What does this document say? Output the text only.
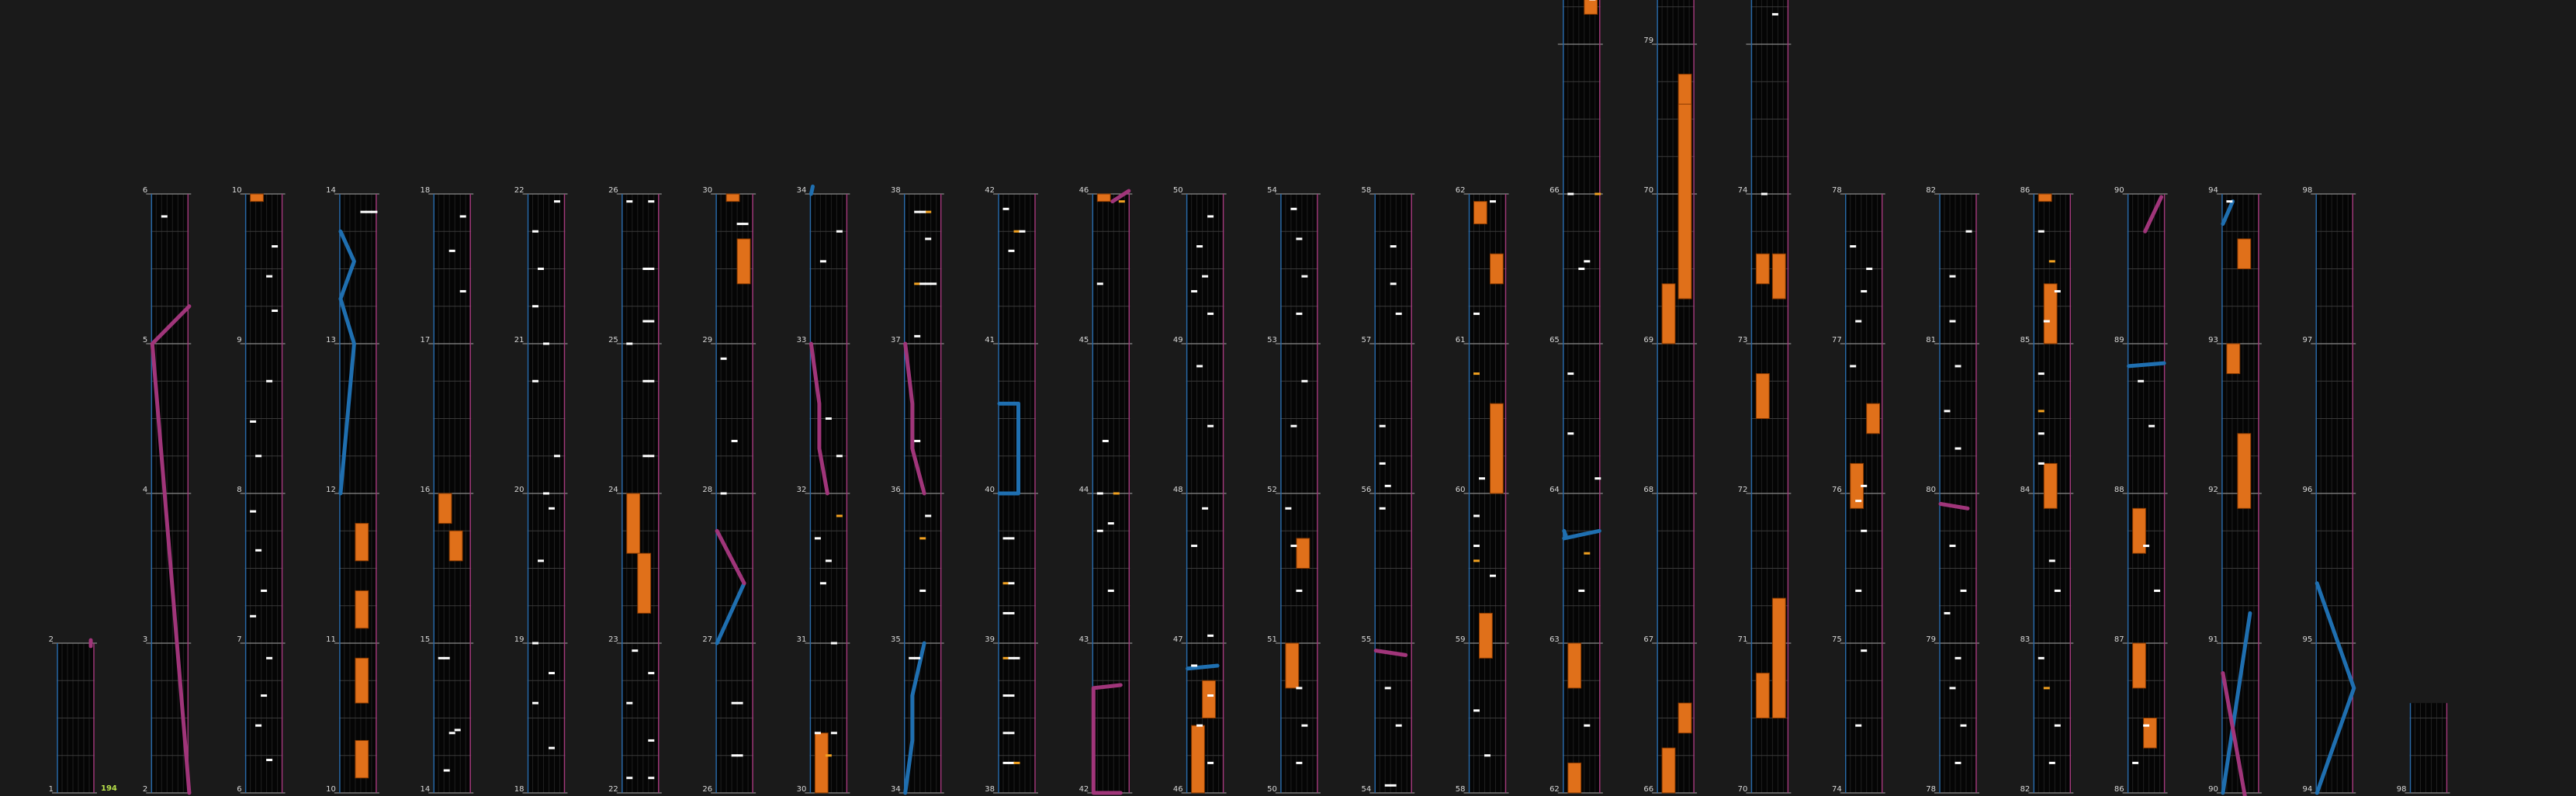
1
2
2
3
4
5
6
6
7
8
9
10
10
11
12
13
14
14
15
16
17
18
18
19
20
21
22
22
23
24
25
26
26
27
28
29
30
30
31
32
33
34
34
35
36
37
38
38
39
40
41
42
42
43
44
45
46
46
47
48
49
50
50
51
52
53
54
54
55
56
57
58
58
59
60
61
62
62
63
64
65
66
66
67
68
69
70
79
70
71
72
73
74
74
75
76
77
78
78
79
80
81
82
82
83
84
85
86
86
87
88
89
90
90
91
92
93
94
94
95
96
97
98
98
194
